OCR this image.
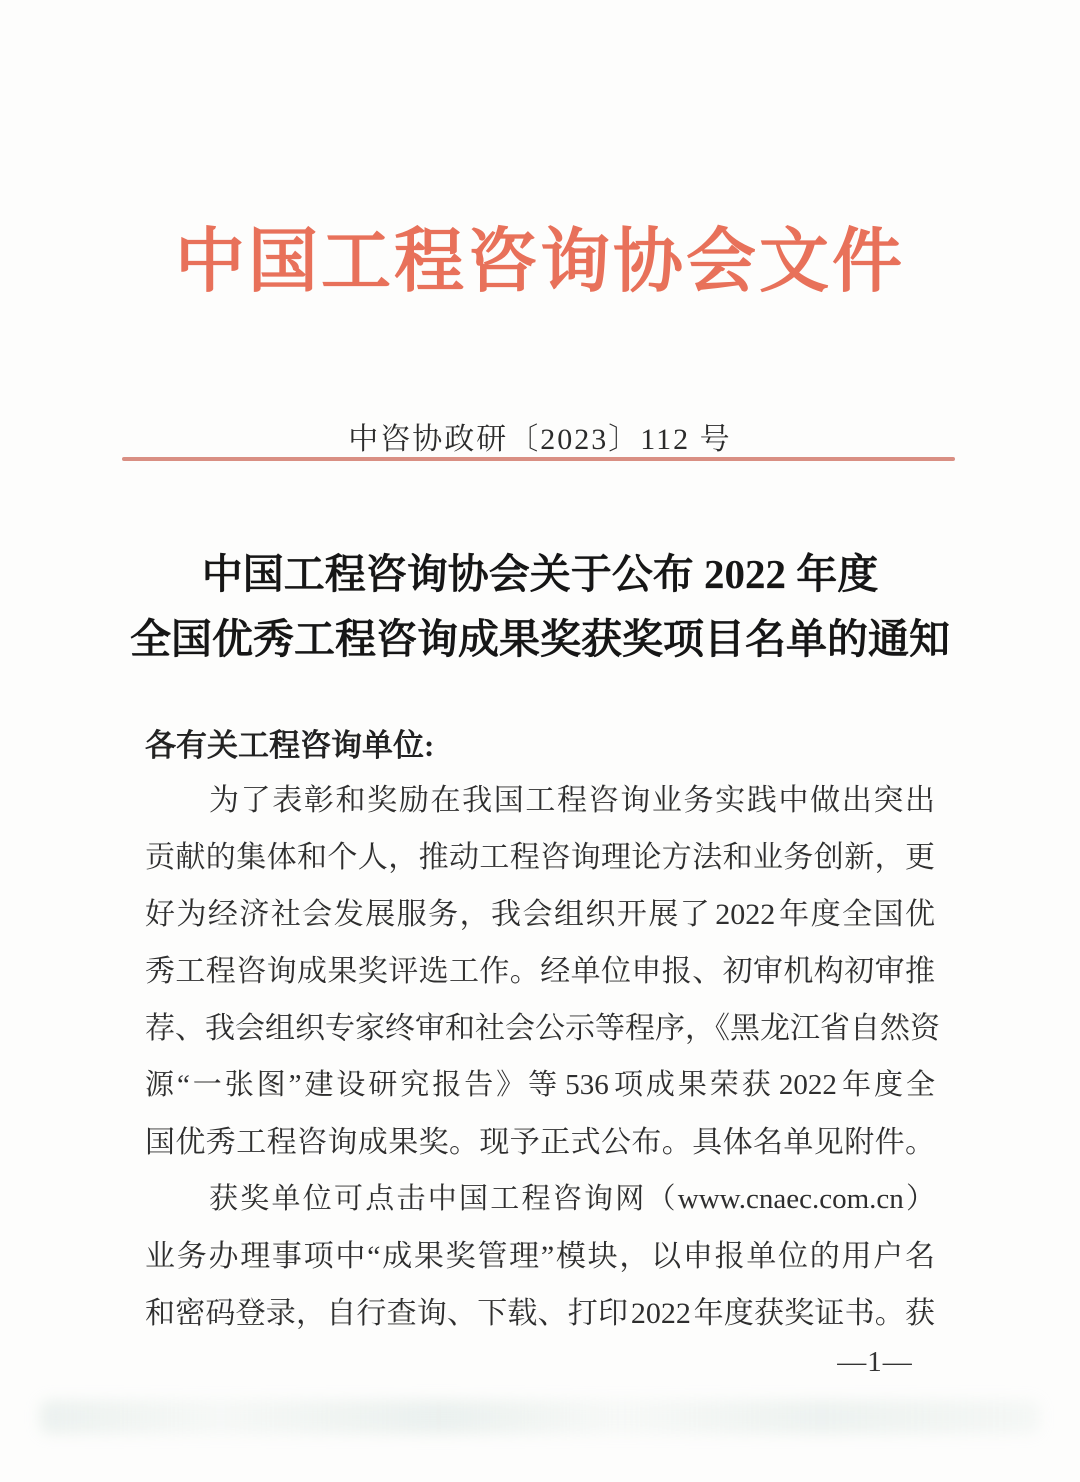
中国工程咨询协会文件
中咨协政研〔2023〕112 号
中国工程咨询协会关于公布 2022 年度
全国优秀工程咨询成果奖获奖项目名单的通知
各有关工程咨询单位:
为了表彰和奖励在我国工程咨询业务实践中做出突出
贡献的集体和个人，推动工程咨询理论方法和业务创新，更
好为经济社会发展服务，我会组织开展了 2022 年度全国优
秀工程咨询成果奖评选工作。经单位申报、初审机构初审推
荐、我会组织专家终审和社会公示等程序，《黑龙江省自然资
源“一张图”建设研究报告》等 536 项成果荣获 2022 年度全
国优秀工程咨询成果奖。现予正式公布。具体名单见附件。
获奖单位可点击中国工程咨询网（www.cnaec.com.cn）
业务办理事项中“成果奖管理”模块，以申报单位的用户名
和密码登录，自行查询、下载、打印 2022 年度获奖证书。获
—1—
